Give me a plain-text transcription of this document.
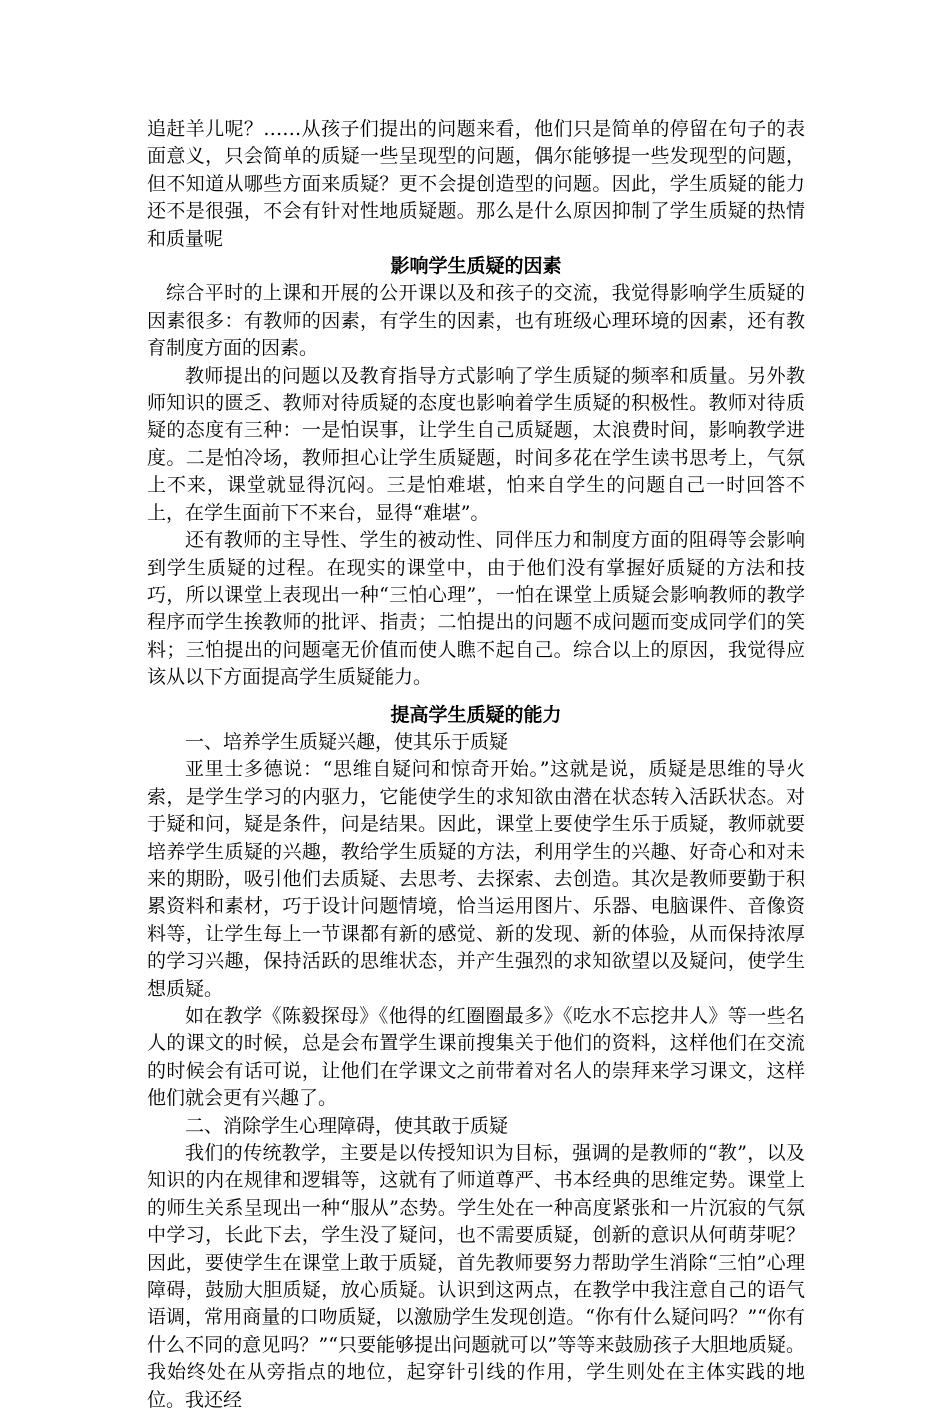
追赶羊儿呢？……从孩子们提出的问题来看，他们只是简单的停留在句子的表面意义，只会简单的质疑一些呈现型的问题，偶尔能够提一些发现型的问题，但不知道从哪些方面来质疑？更不会提创造型的问题。因此，学生质疑的能力还不是很强，不会有针对性地质疑题。那么是什么原因抑制了学生质疑的热情和质量呢

影响学生质疑的因素

综合平时的上课和开展的公开课以及和孩子的交流，我觉得影响学生质疑的因素很多：有教师的因素，有学生的因素，也有班级心理环境的因素，还有教育制度方面的因素。

教师提出的问题以及教育指导方式影响了学生质疑的频率和质量。另外教师知识的匮乏、教师对待质疑的态度也影响着学生质疑的积极性。教师对待质疑的态度有三种：一是怕误事，让学生自己质疑题，太浪费时间，影响教学进度。二是怕冷场，教师担心让学生质疑题，时间多花在学生读书思考上，气氛上不来，课堂就显得沉闷。三是怕难堪，怕来自学生的问题自己一时回答不上，在学生面前下不来台，显得“难堪”。

还有教师的主导性、学生的被动性、同伴压力和制度方面的阻碍等会影响到学生质疑的过程。在现实的课堂中，由于他们没有掌握好质疑的方法和技巧，所以课堂上表现出一种“三怕心理”，一怕在课堂上质疑会影响教师的教学程序而学生挨教师的批评、指责；二怕提出的问题不成问题而变成同学们的笑料；三怕提出的问题毫无价值而使人瞧不起自己。综合以上的原因，我觉得应该从以下方面提高学生质疑能力。

提高学生质疑的能力

一、培养学生质疑兴趣，使其乐于质疑

亚里士多德说：“思维自疑问和惊奇开始。”这就是说，质疑是思维的导火索，是学生学习的内驱力，它能使学生的求知欲由潜在状态转入活跃状态。对于疑和问，疑是条件，问是结果。因此，课堂上要使学生乐于质疑，教师就要培养学生质疑的兴趣，教给学生质疑的方法，利用学生的兴趣、好奇心和对未来的期盼，吸引他们去质疑、去思考、去探索、去创造。其次是教师要勤于积累资料和素材，巧于设计问题情境，恰当运用图片、乐器、电脑课件、音像资料等，让学生每上一节课都有新的感觉、新的发现、新的体验，从而保持浓厚的学习兴趣，保持活跃的思维状态，并产生强烈的求知欲望以及疑问，使学生想质疑。

如在教学《陈毅探母》《他得的红圈圈最多》《吃水不忘挖井人》等一些名人的课文的时候，总是会布置学生课前搜集关于他们的资料，这样他们在交流的时候会有话可说，让他们在学课文之前带着对名人的崇拜来学习课文，这样他们就会更有兴趣了。

二、消除学生心理障碍，使其敢于质疑

我们的传统教学，主要是以传授知识为目标，强调的是教师的“教”，以及知识的内在规律和逻辑等，这就有了师道尊严、书本经典的思维定势。课堂上的师生关系呈现出一种“服从”态势。学生处在一种高度紧张和一片沉寂的气氛中学习，长此下去，学生没了疑问，也不需要质疑，创新的意识从何萌芽呢？因此，要使学生在课堂上敢于质疑，首先教师要努力帮助学生消除“三怕”心理障碍，鼓励大胆质疑，放心质疑。认识到这两点，在教学中我注意自己的语气语调，常用商量的口吻质疑，以激励学生发现创造。“你有什么疑问吗？”“你有什么不同的意见吗？”“只要能够提出问题就可以”等等来鼓励孩子大胆地质疑。我始终处在从旁指点的地位，起穿针引线的作用，学生则处在主体实践的地位。我还经
